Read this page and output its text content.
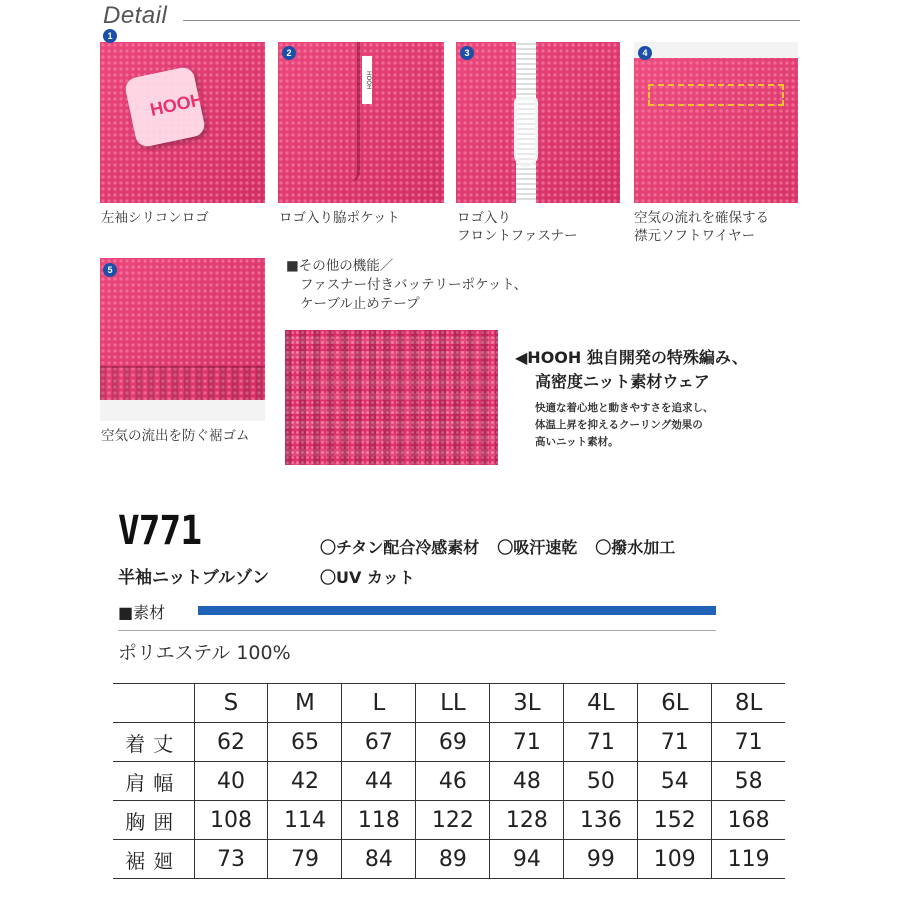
Detail
HOOH
1
HOOH
2	3	4
5
左袖シリコンロゴ	ロゴ入り脇ポケット	ロゴ入り
フロントファスナー
空気の流れを確保する
襟元ソフトワイヤー
空気の流出を防ぐ裾ゴム
■その他の機能／
ファスナー付きバッテリーポケット、
ケーブル止めテープ
◀HOOH 独自開発の特殊編み、
高密度ニット素材ウェア
快適な着心地と動きやすさを追求し、
体温上昇を抑えるクーリング効果の
高いニット素材。
V771
半袖ニットブルゾン
〇チタン配合冷感素材 〇吸汗速乾 〇撥水加工
〇UV カット
■素材
ポリエステル 100%
	S	M	L	LL	3L	4L	6L	8L
着丈	62	65	67	69	71	71	71	71
肩幅	40	42	44	46	48	50	54	58
胸囲	108	114	118	122	128	136	152	168
裾廻	73	79	84	89	94	99	109	119
